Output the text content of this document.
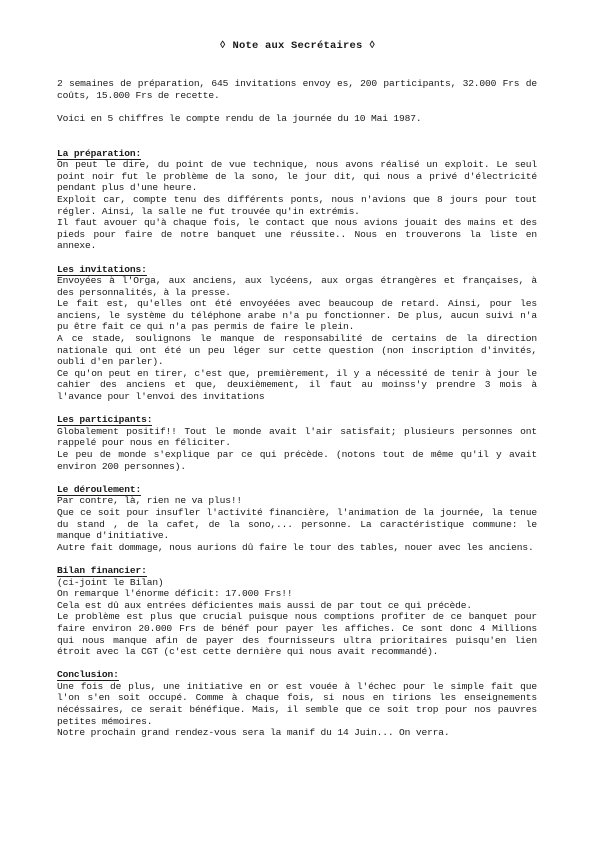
◊ Note aux Secrétaires ◊

2 semaines de préparation, 645 invitations envoy es, 200 participants, 32.000 Frs de coûts, 15.000 Frs de recette.

Voici en 5 chiffres le compte rendu de la journée du 10 Mai 1987.

La préparation:

On peut le dire, du point de vue technique, nous avons réalisé un exploit. Le seul point noir fut le problème de la sono, le jour dit, qui nous a privé d'électricité pendant plus d'une heure.

Exploit car, compte tenu des différents ponts, nous n'avions que 8 jours pour tout régler. Ainsi, la salle ne fut trouvée qu'in extrémis.

Il faut avouer qu'à chaque fois, le contact que nous avions jouait des mains et des pieds pour faire de notre banquet une réussite.. Nous en trouverons la liste en annexe.

Les invitations:

Envoyées à l'Orga, aux anciens, aux lycéens, aux orgas étrangères et françaises, à des personnalités, à la presse.

Le fait est, qu'elles ont été envoyéées avec beaucoup de retard. Ainsi, pour les anciens, le système du téléphone arabe n'a pu fonctionner. De plus, aucun suivi n'a pu être fait ce qui n'a pas permis de faire le plein.

A ce stade, soulignons le manque de responsabilité de certains de la direction nationale qui ont été un peu léger sur cette question (non inscription d'invités, oubli d'en parler).

Ce qu'on peut en tirer, c'est que, premièrement, il y a nécessité de tenir à jour le cahier des anciens et que, deuxièmement, il faut au moinss'y prendre 3 mois à l'avance pour l'envoi des invitations

Les participants:

Globalement positif!! Tout le monde avait l'air satisfait; plusieurs personnes ont rappelé pour nous en féliciter.

Le peu de monde s'explique par ce qui précède. (notons tout de même qu'il y avait environ 200 personnes).

Le déroulement:

Par contre, là, rien ne va plus!!

Que ce soit pour insufler l'activité financière, l'animation de la journée, la tenue du stand , de la cafet, de la sono,... personne. La caractéristique commune: le manque d'initiative.

Autre fait dommage, nous aurions dû faire le tour des tables, nouer avec les anciens.

Bilan financier:

(ci-joint le Bilan)

On remarque l'énorme déficit: 17.000 Frs!!

Cela est dû aux entrées déficientes mais aussi de par tout ce qui précède.

Le problème est plus que crucial puisque nous comptions profiter de ce banquet pour faire environ 20.000 Frs de bénéf pour payer les affiches. Ce sont donc 4 Millions qui nous manque afin de payer des fournisseurs ultra prioritaires puisqu'en lien étroit avec la CGT (c'est cette dernière qui nous avait recommandé).

Conclusion:

Une fois de plus, une initiative en or est vouée à l'échec pour le simple fait que l'on s'en soit occupé. Comme à chaque fois, si nous en tirions les enseignements nécéssaires, ce serait bénéfique. Mais, il semble que ce soit trop pour nos pauvres petites mémoires.

Notre prochain grand rendez-vous sera la manif du 14 Juin... On verra.
